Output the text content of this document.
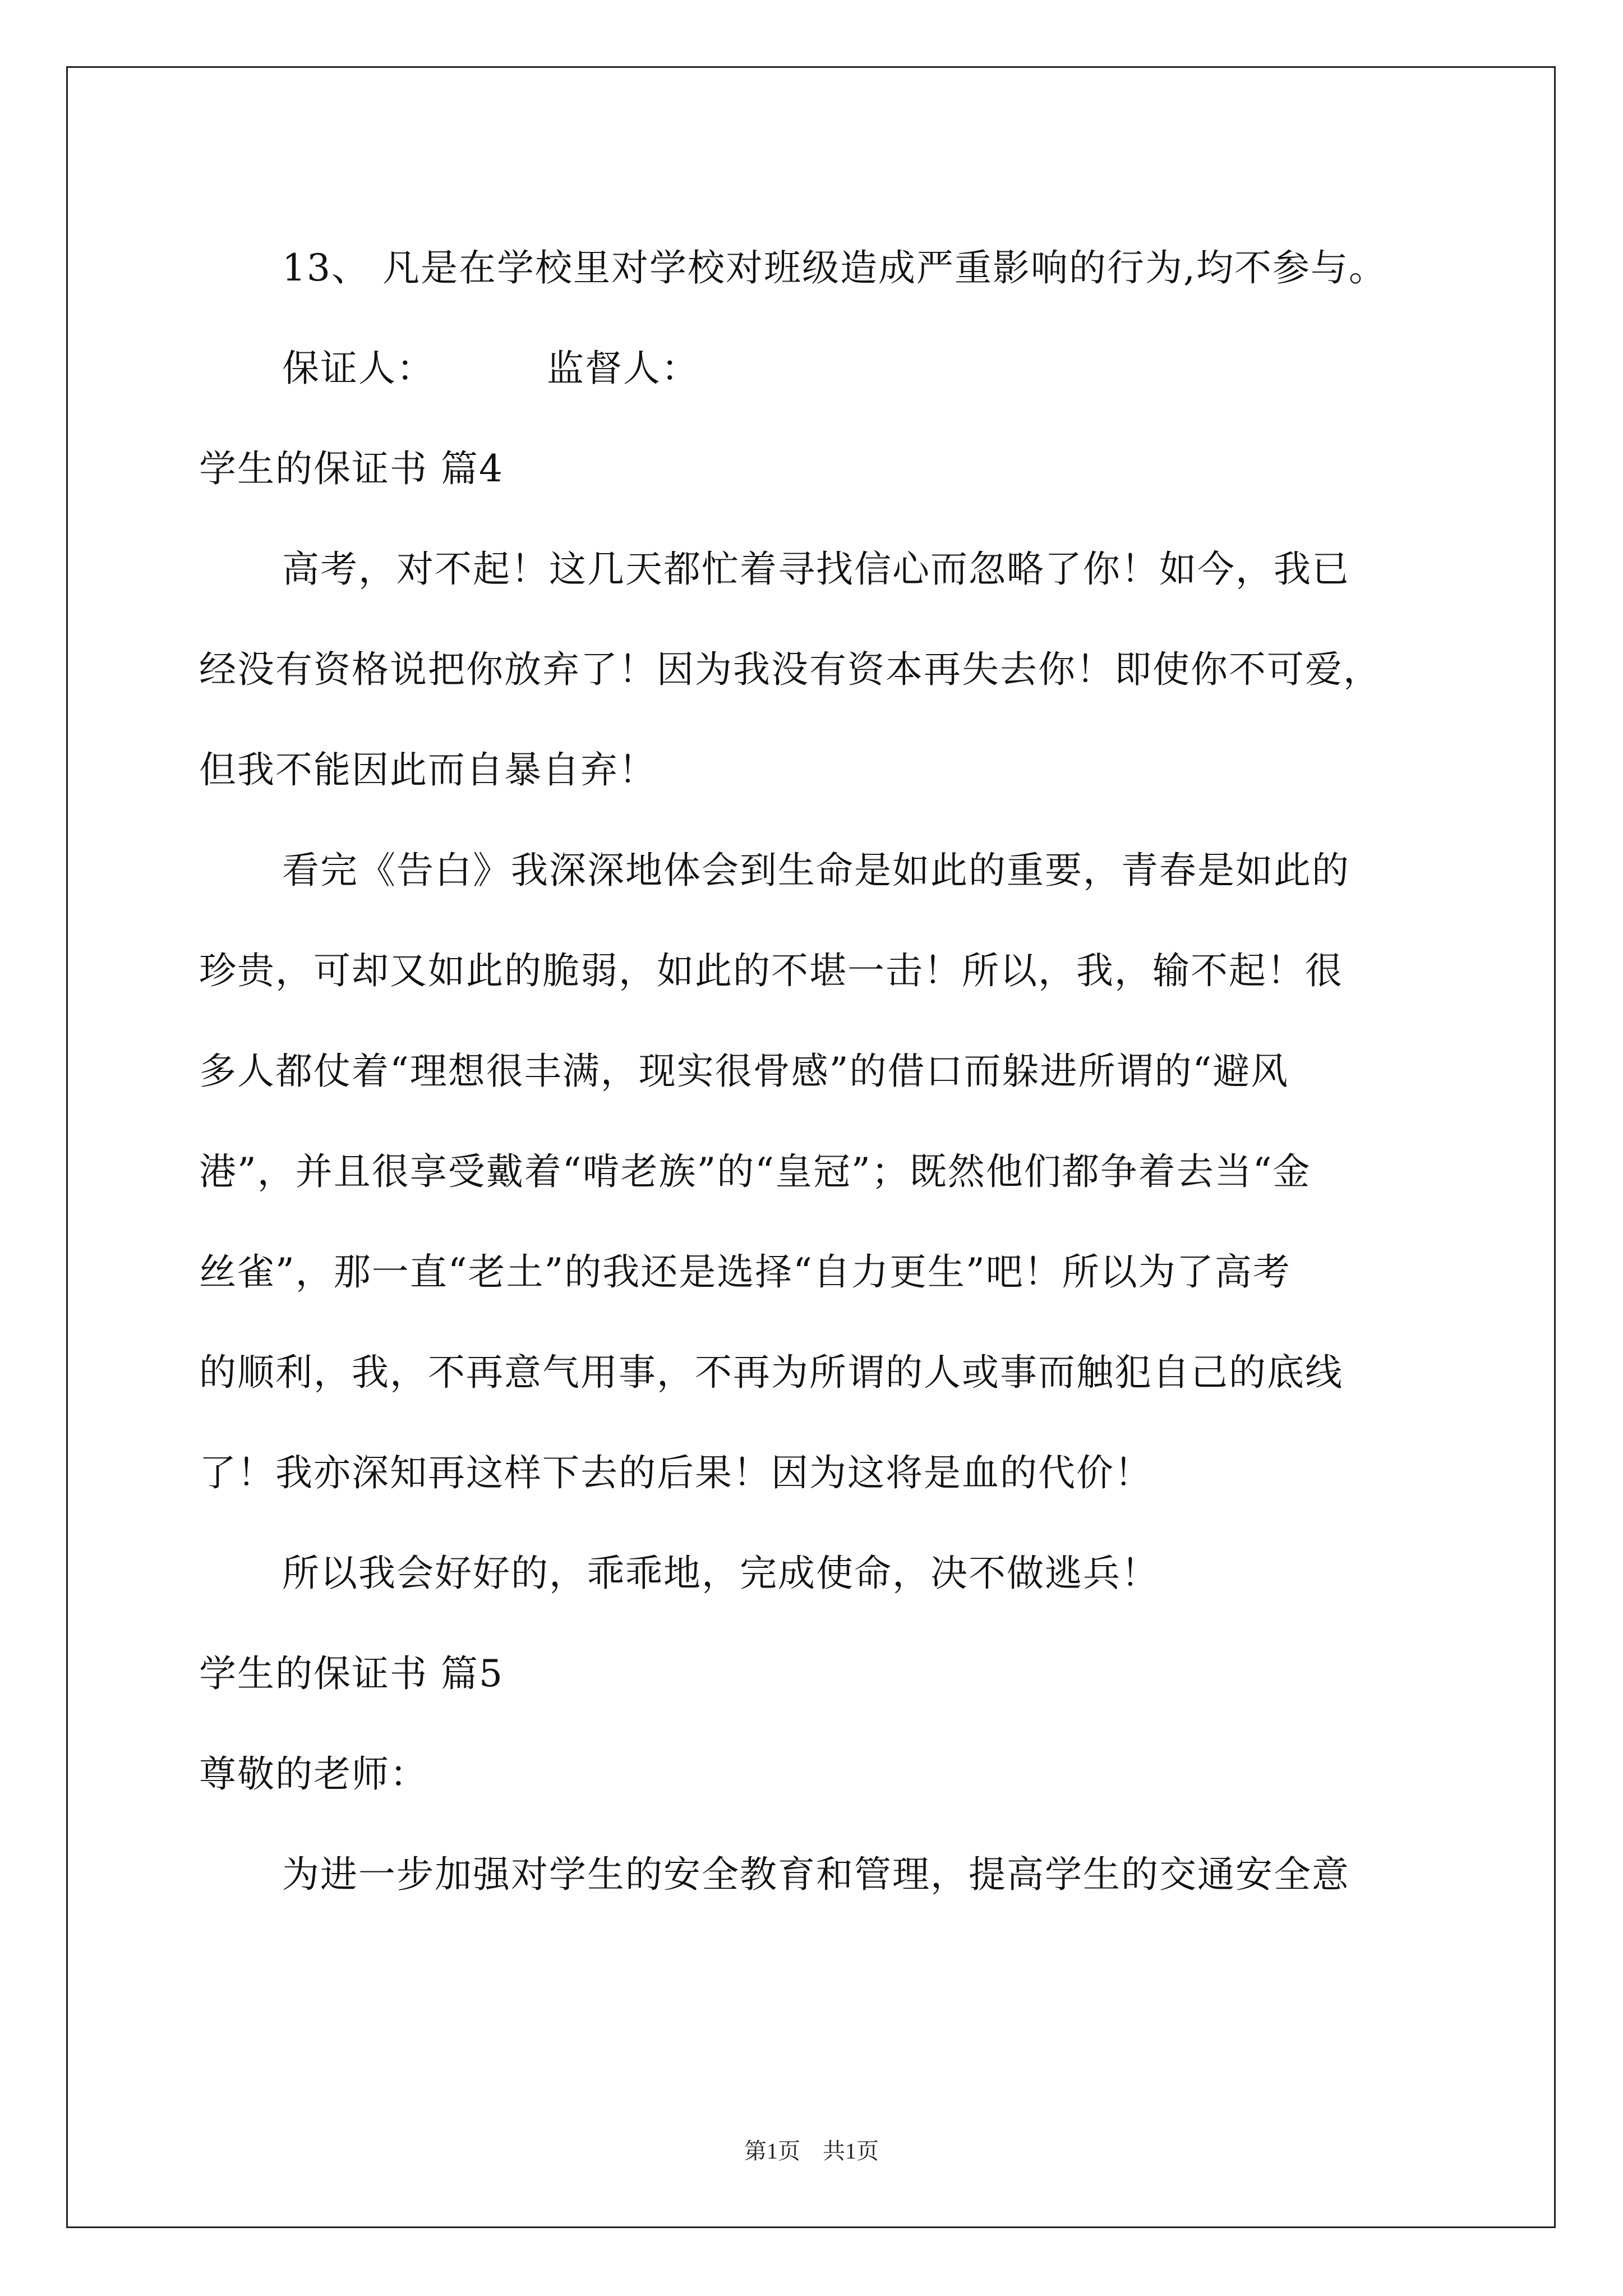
13、 凡是在学校里对学校对班级造成严重影响的行为,均不参与。
保证人：	监督人：
学生的保证书 篇4
高考，对不起！这几天都忙着寻找信心而忽略了你！如今，我已
经没有资格说把你放弃了！因为我没有资本再失去你！即使你不可爱，
但我不能因此而自暴自弃！
看完《告白》我深深地体会到生命是如此的重要，青春是如此的
珍贵，可却又如此的脆弱，如此的不堪一击！所以，我，输不起！很
多人都仗着“理想很丰满，现实很骨感”的借口而躲进所谓的“避风
港”，并且很享受戴着“啃老族”的“皇冠”；既然他们都争着去当“金
丝雀”，那一直“老土”的我还是选择“自力更生”吧！所以为了高考
的顺利，我，不再意气用事，不再为所谓的人或事而触犯自己的底线
了！我亦深知再这样下去的后果！因为这将是血的代价！
所以我会好好的，乖乖地，完成使命，决不做逃兵！
学生的保证书 篇5
尊敬的老师：
为进一步加强对学生的安全教育和管理，提高学生的交通安全意
第1页 共1页
